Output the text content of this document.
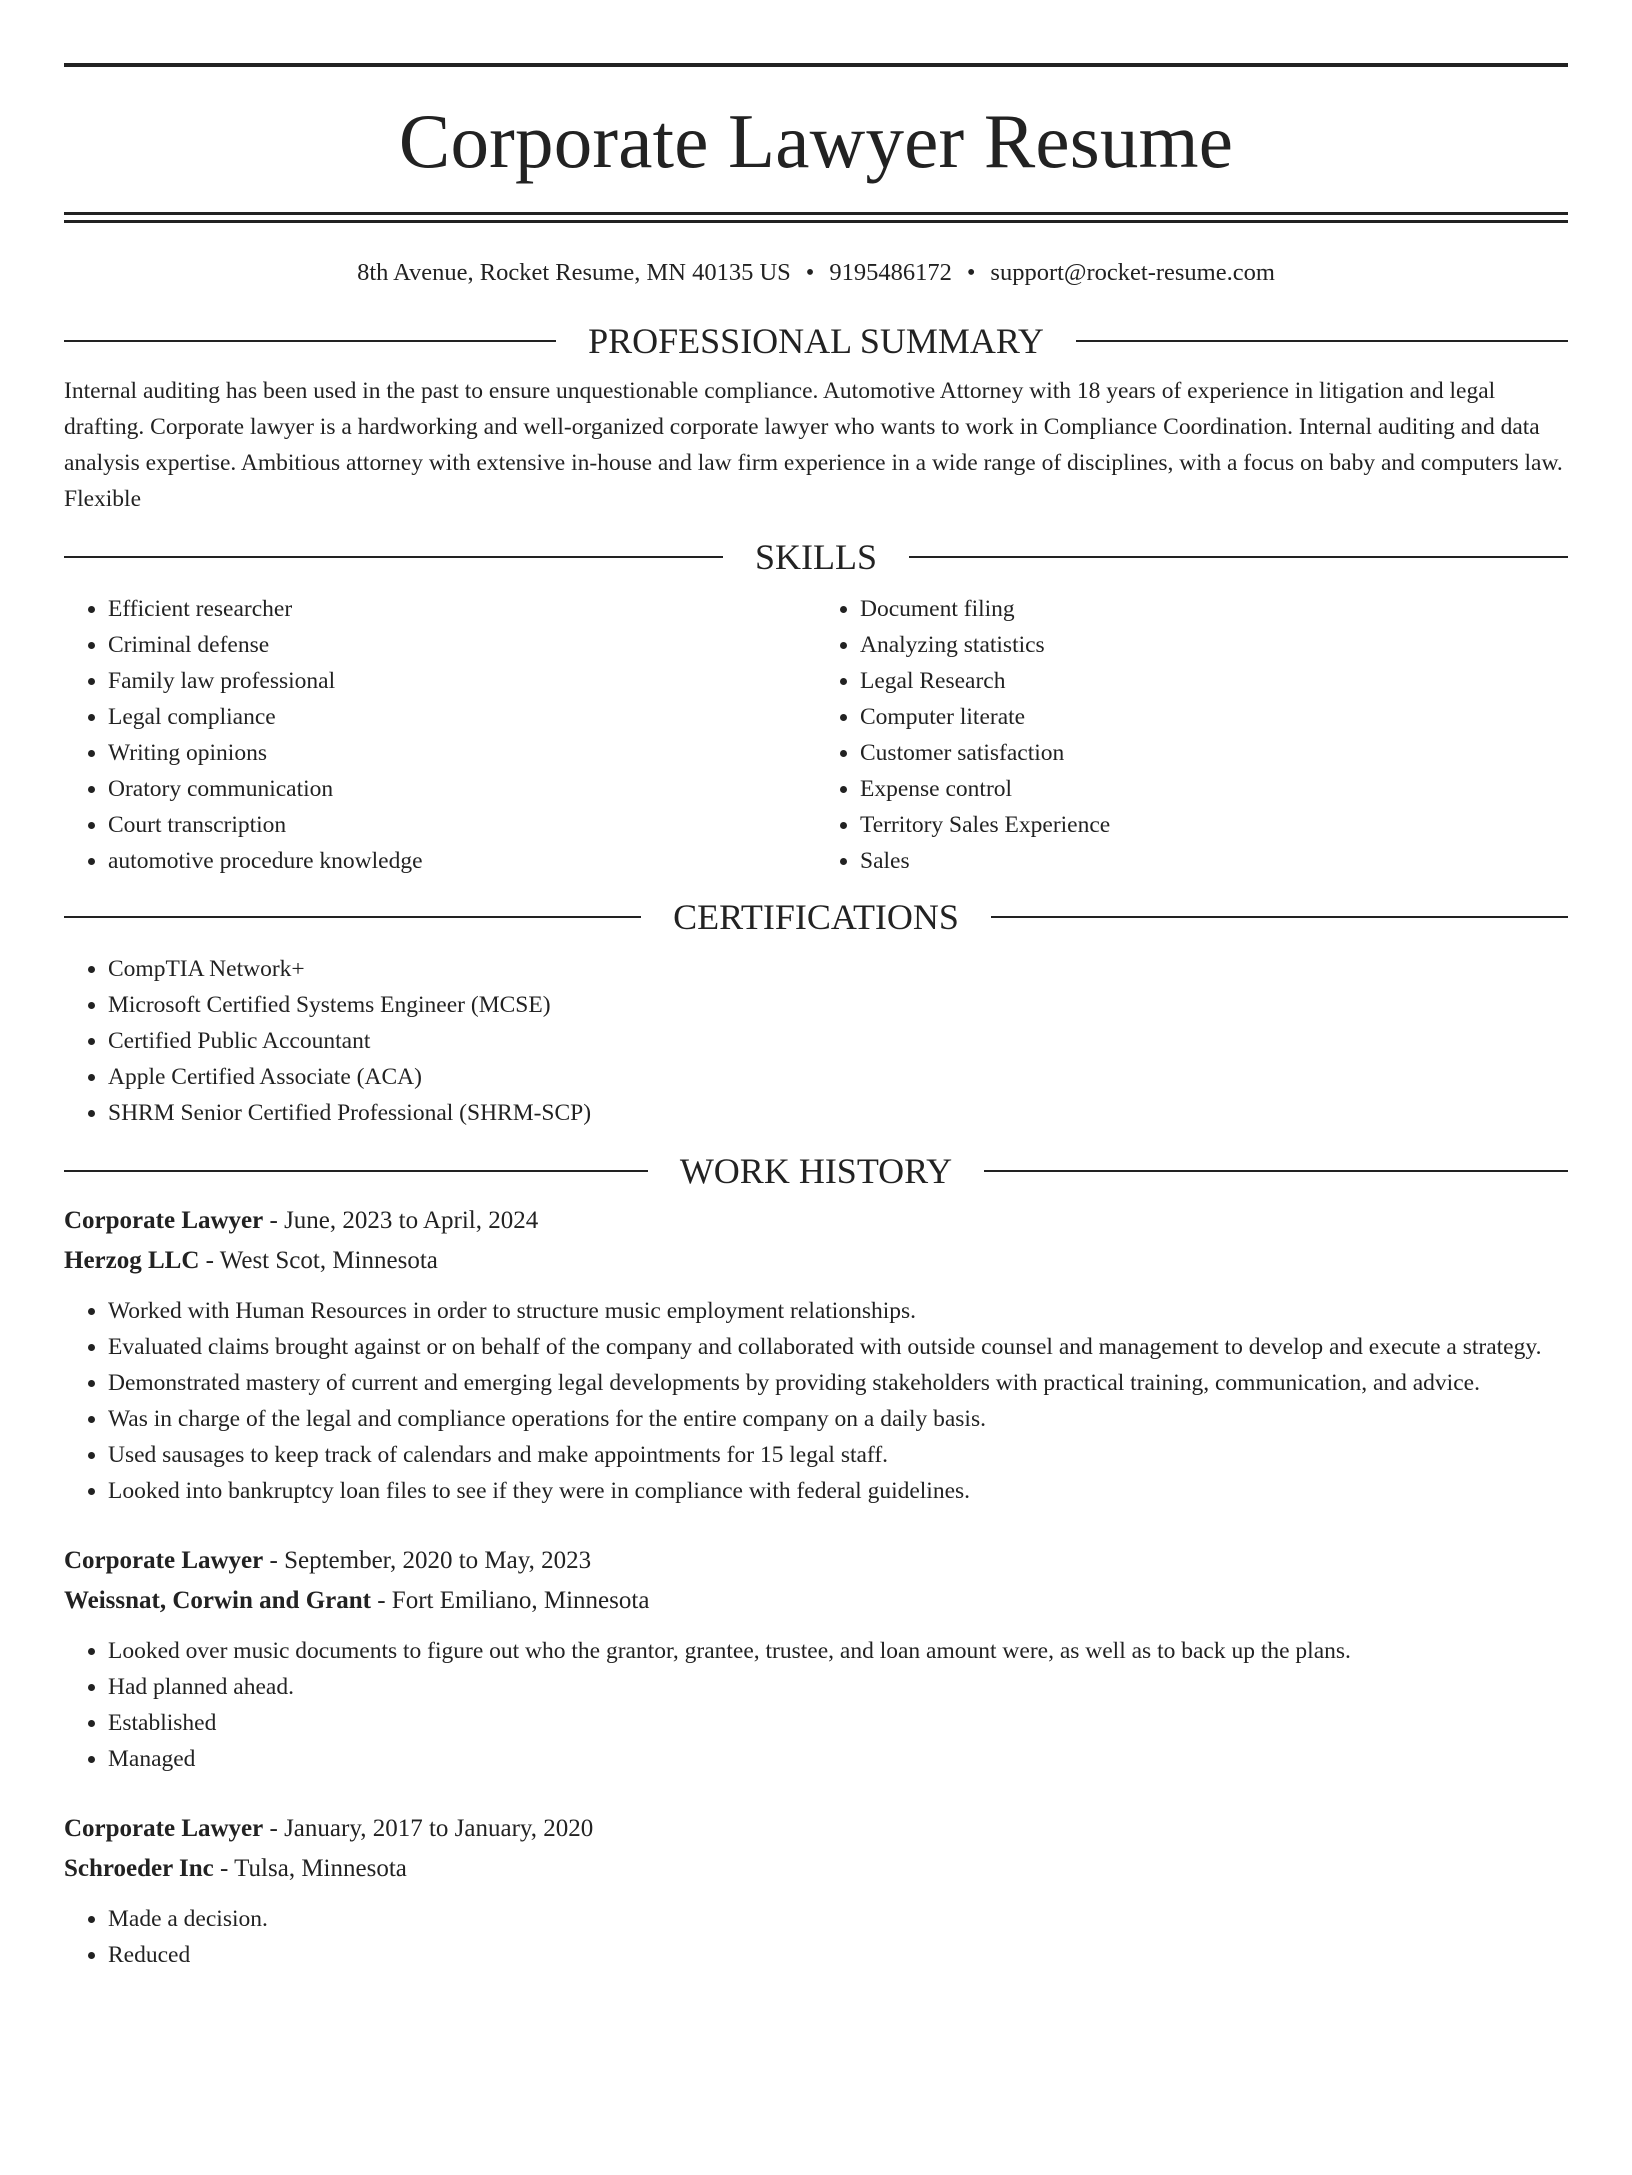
Corporate Lawyer Resume
8th Avenue, Rocket Resume, MN 40135 US • 9195486172 • support@rocket-resume.com
PROFESSIONAL SUMMARY

Internal auditing has been used in the past to ensure unquestionable compliance. Automotive Attorney with 18 years of experience in litigation and legal drafting. Corporate lawyer is a hardworking and well-organized corporate lawyer who wants to work in Compliance Coordination. Internal auditing and data analysis expertise. Ambitious attorney with extensive in-house and law firm experience in a wide range of disciplines, with a focus on baby and computers law. Flexible

SKILLS
• Efficient researcher
• Criminal defense
• Family law professional
• Legal compliance
• Writing opinions
• Oratory communication
• Court transcription
• automotive procedure knowledge
• Document filing
• Analyzing statistics
• Legal Research
• Computer literate
• Customer satisfaction
• Expense control
• Territory Sales Experience
• Sales
CERTIFICATIONS
• CompTIA Network+
• Microsoft Certified Systems Engineer (MCSE)
• Certified Public Accountant
• Apple Certified Associate (ACA)
• SHRM Senior Certified Professional (SHRM-SCP)
WORK HISTORY
Corporate Lawyer - June, 2023 to April, 2024
Herzog LLC - West Scot, Minnesota
• Worked with Human Resources in order to structure music employment relationships.
• Evaluated claims brought against or on behalf of the company and collaborated with outside counsel and management to develop and execute a strategy.
• Demonstrated mastery of current and emerging legal developments by providing stakeholders with practical training, communication, and advice.
• Was in charge of the legal and compliance operations for the entire company on a daily basis.
• Used sausages to keep track of calendars and make appointments for 15 legal staff.
• Looked into bankruptcy loan files to see if they were in compliance with federal guidelines.
Corporate Lawyer - September, 2020 to May, 2023
Weissnat, Corwin and Grant - Fort Emiliano, Minnesota
• Looked over music documents to figure out who the grantor, grantee, trustee, and loan amount were, as well as to back up the plans.
• Had planned ahead.
• Established
• Managed
Corporate Lawyer - January, 2017 to January, 2020
Schroeder Inc - Tulsa, Minnesota
• Made a decision.
• Reduced
